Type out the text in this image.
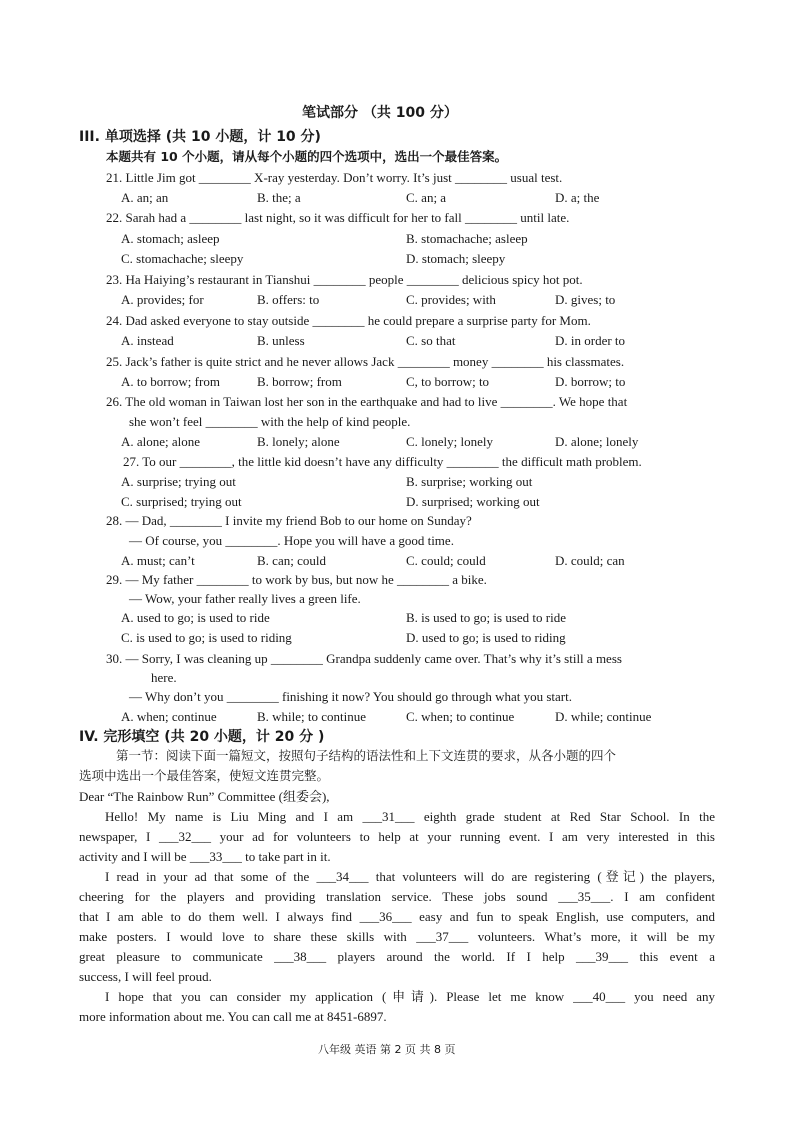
笔试部分 （共 100 分）
III. 单项选择 (共 10 小题，计 10 分)
本题共有 10 个小题，请从每个小题的四个选项中，选出一个最佳答案。
21. Little Jim got ________ X-ray yesterday. Don’t worry. It’s just ________ usual test.
A. an; an	B. the; a	C. an; a	D. a; the
22. Sarah had a ________ last night, so it was difficult for her to fall ________ until late.
A. stomach; asleep	B. stomachache; asleep
C. stomachache; sleepy	D. stomach; sleepy
23. Ha Haiying’s restaurant in Tianshui ________ people ________ delicious spicy hot pot.
A. provides; for	B. offers: to	C. provides; with	D. gives; to
24. Dad asked everyone to stay outside ________ he could prepare a surprise party for Mom.
A. instead	B. unless	C. so that	D. in order to
25. Jack’s father is quite strict and he never allows Jack ________ money ________ his classmates.
A. to borrow; from	B. borrow; from	C, to borrow; to	D. borrow; to
26. The old woman in Taiwan lost her son in the earthquake and had to live ________. We hope that
she won’t feel ________ with the help of kind people.
A. alone; alone	B. lonely; alone	C. lonely; lonely	D. alone; lonely
27. To our ________, the little kid doesn’t have any difficulty ________ the difficult math problem.
A. surprise; trying out	B. surprise; working out
C. surprised; trying out	D. surprised; working out
28. — Dad, ________ I invite my friend Bob to our home on Sunday?
— Of course, you ________. Hope you will have a good time.
A. must; can’t	B. can; could	C. could; could	D. could; can
29. — My father ________ to work by bus, but now he ________ a bike.
— Wow, your father really lives a green life.
A. used to go; is used to ride	B. is used to go; is used to ride
C. is used to go; is used to riding	D. used to go; is used to riding
30. — Sorry, I was cleaning up ________ Grandpa suddenly came over. That’s why it’s still a mess
here.
— Why don’t you ________ finishing it now? You should go through what you start.
A. when; continue	B. while; to continue	C. when; to continue	D. while; continue
IV. 完形填空 (共 20 小题，计 20 分 )
第一节：阅读下面一篇短文，按照句子结构的语法性和上下文连贯的要求，从各小题的四个
选项中选出一个最佳答案，使短文连贯完整。
Dear “The Rainbow Run” Committee (组委会),
Hello! My name is Liu Ming and I am ___31___ eighth grade student at Red Star School. In the
newspaper, I ___32___ your ad for volunteers to help at your running event. I am very interested in this
activity and I will be ___33___ to take part in it.
I read in your ad that some of the ___34___ that volunteers will do are registering (登记) the players,
cheering for the players and providing translation service. These jobs sound ___35___. I am confident
that I am able to do them well. I always find ___36___ easy and fun to speak English, use computers, and
make posters. I would love to share these skills with ___37___ volunteers. What’s more, it will be my
great pleasure to communicate ___38___ players around the world. If I help ___39___ this event a
success, I will feel proud.
I hope that you can consider my application (申请). Please let me know ___40___ you need any
more information about me. You can call me at 8451-6897.
八年级 英语 第 2 页 共 8 页
